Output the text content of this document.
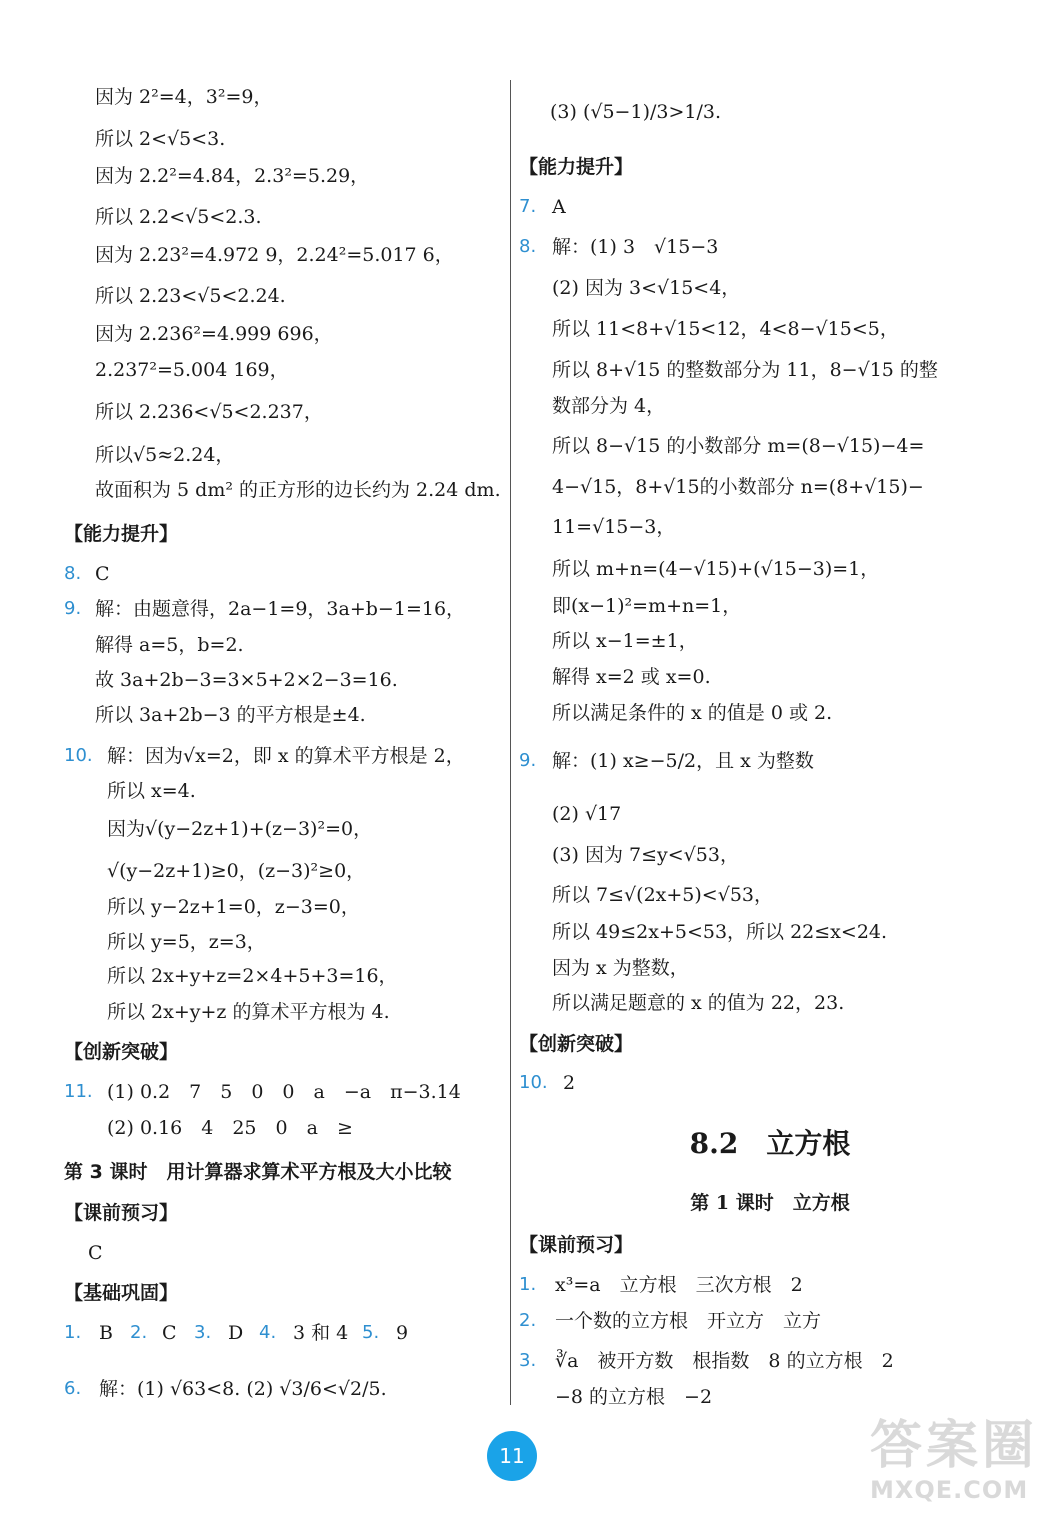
因为 2²=4，3²=9，
所以 2<√5<3.
因为 2.2²=4.84，2.3²=5.29，
所以 2.2<√5<2.3.
因为 2.23²=4.972 9，2.24²=5.017 6，
所以 2.23<√5<2.24.
因为 2.236²=4.999 696，
2.237²=5.004 169，
所以 2.236<√5<2.237，
所以√5≈2.24，
故面积为 5 dm² 的正方形的边长约为 2.24 dm.
【能力提升】
8. C
9. 解：由题意得，2a−1=9，3a+b−1=16，
解得 a=5，b=2.
故 3a+2b−3=3×5+2×2−3=16.
所以 3a+2b−3 的平方根是±4.
10. 解：因为√x=2，即 x 的算术平方根是 2，
所以 x=4.
因为√(y−2z+1)+(z−3)²=0，
√(y−2z+1)≥0，(z−3)²≥0，
所以 y−2z+1=0，z−3=0，
所以 y=5，z=3，
所以 2x+y+z=2×4+5+3=16，
所以 2x+y+z 的算术平方根为 4.
【创新突破】
11. (1) 0.2　7　5　0　0　a　−a　π−3.14
(2) 0.16　4　25　0　a　≥
第 3 课时　用计算器求算术平方根及大小比较
【课前预习】
C
【基础巩固】
1. B 2. C 3. D 4. 3 和 4 5. 9
6. 解：(1) √63<8. (2) √3/6<√2/5.
(3) (√5−1)/3>1/3.
【能力提升】
7. A
8. 解：(1) 3　√15−3
(2) 因为 3<√15<4，
所以 11<8+√15<12，4<8−√15<5，
所以 8+√15 的整数部分为 11，8−√15 的整
数部分为 4，
所以 8−√15 的小数部分 m=(8−√15)−4=
4−√15，8+√15的小数部分 n=(8+√15)−
11=√15−3，
所以 m+n=(4−√15)+(√15−3)=1，
即(x−1)²=m+n=1，
所以 x−1=±1，
解得 x=2 或 x=0.
所以满足条件的 x 的值是 0 或 2.
9. 解：(1) x≥−5/2，且 x 为整数
(2) √17
(3) 因为 7≤y<√53，
所以 7≤√(2x+5)<√53，
所以 49≤2x+5<53，所以 22≤x<24.
因为 x 为整数，
所以满足题意的 x 的值为 22，23.
【创新突破】
10. 2
8.2　立方根
第 1 课时　立方根
【课前预习】
1. x³=a　立方根　三次方根　2
2. 一个数的立方根　开立方　立方
3. ∛a　被开方数　根指数　8 的立方根　2
−8 的立方根　−2
11	答案圈
MXQE.COM
